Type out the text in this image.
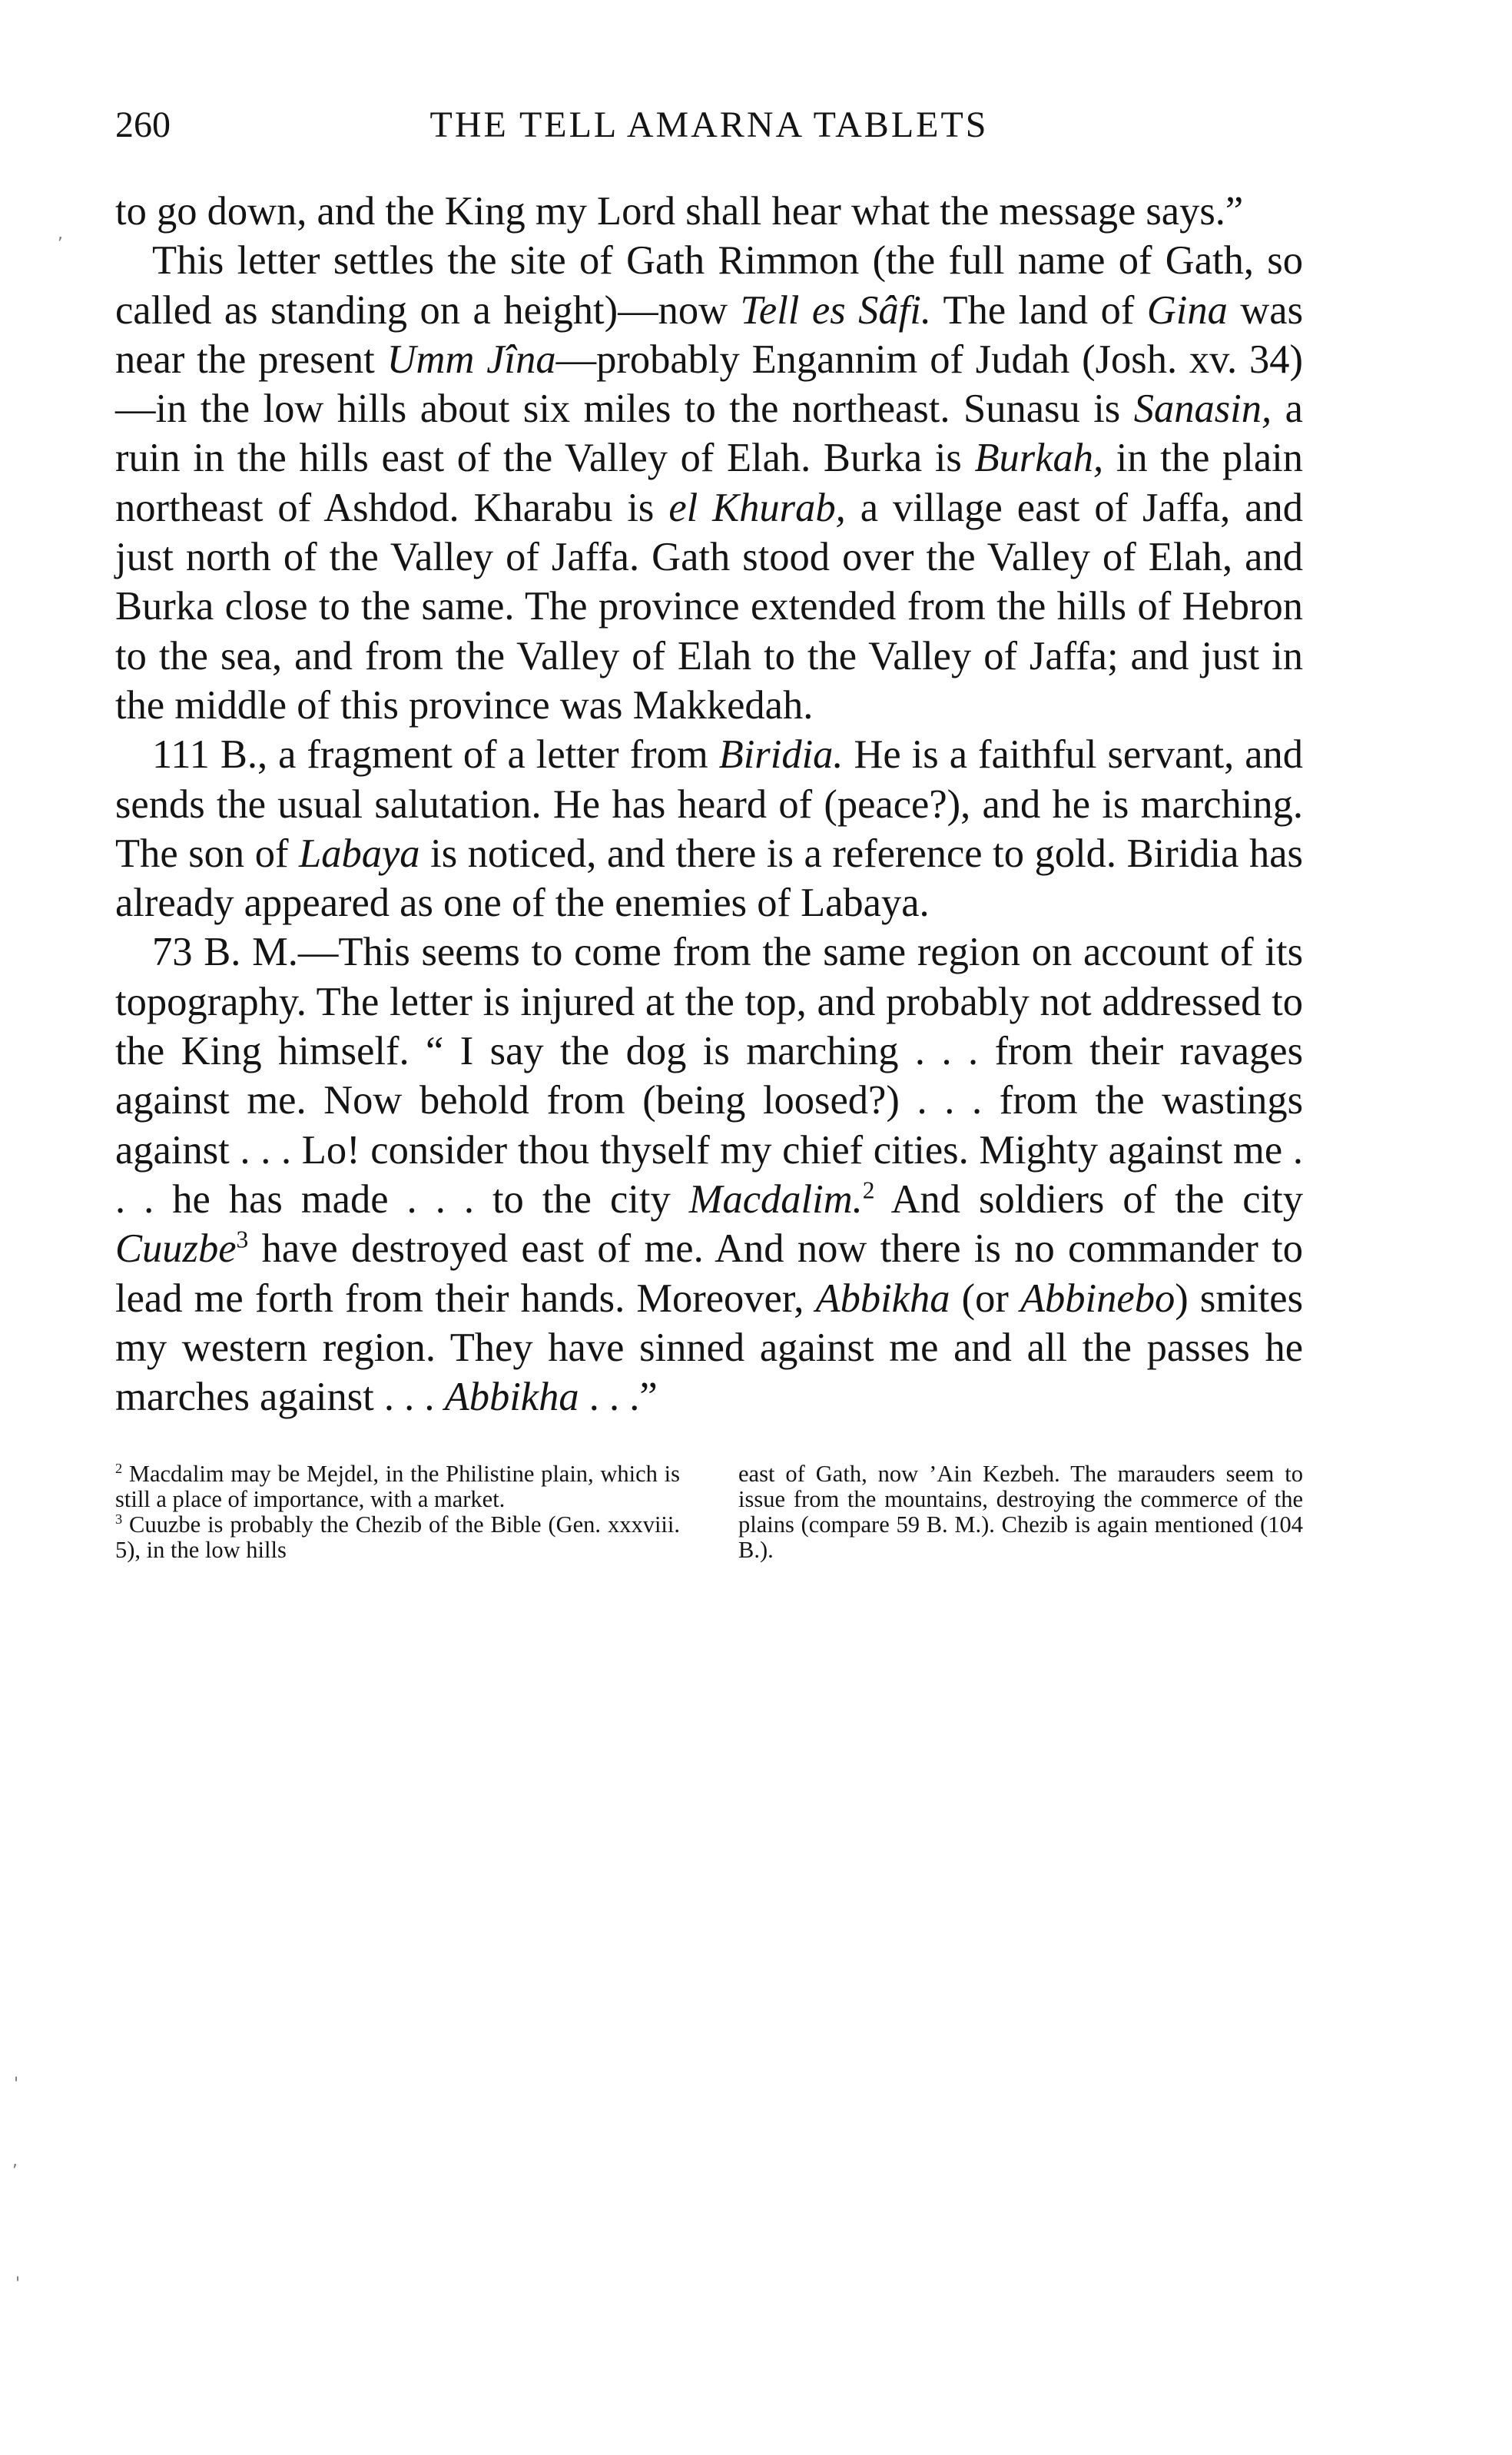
260	THE TELL AMARNA TABLETS

to go down, and the King my Lord shall hear what the message says.”

This letter settles the site of Gath Rimmon (the full name of Gath, so called as standing on a height)—now Tell es Sâfi. The land of Gina was near the present Umm Jîna—probably Engannim of Judah (Josh. xv. 34)—in the low hills about six miles to the northeast. Sunasu is Sanasin, a ruin in the hills east of the Valley of Elah. Burka is Burkah, in the plain northeast of Ashdod. Kharabu is el Khurab, a village east of Jaffa, and just north of the Valley of Jaffa. Gath stood over the Valley of Elah, and Burka close to the same. The province extended from the hills of Hebron to the sea, and from the Valley of Elah to the Valley of Jaffa; and just in the middle of this province was Makkedah.

111 B., a fragment of a letter from Biridia. He is a faithful servant, and sends the usual salutation. He has heard of (peace?), and he is marching. The son of Labaya is noticed, and there is a reference to gold. Biridia has already appeared as one of the enemies of Labaya.

73 B. M.—This seems to come from the same region on account of its topography. The letter is injured at the top, and probably not addressed to the King himself. “ I say the dog is marching . . . from their ravages against me. Now behold from (being loosed?) . . . from the wastings against . . . Lo! consider thou thyself my chief cities. Mighty against me . . . he has made . . . to the city Macdalim.$^2$ And soldiers of the city Cuuzbe$^3$ have destroyed east of me. And now there is no commander to lead me forth from their hands. Moreover, Abbikha (or Abbinebo) smites my western region. They have sinned against me and all the passes he marches against . . . Abbikha . . .”

$^2$ Macdalim may be Mejdel, in the Philistine plain, which is still a place of importance, with a market.

$^3$ Cuuzbe is probably the Chezib of the Bible (Gen. xxxviii. 5), in the low hills

east of Gath, now ’Ain Kezbeh. The marauders seem to issue from the mountains, destroying the commerce of the plains (compare 59 B. M.). Chezib is again mentioned (104 B.).

,
'
,
'
